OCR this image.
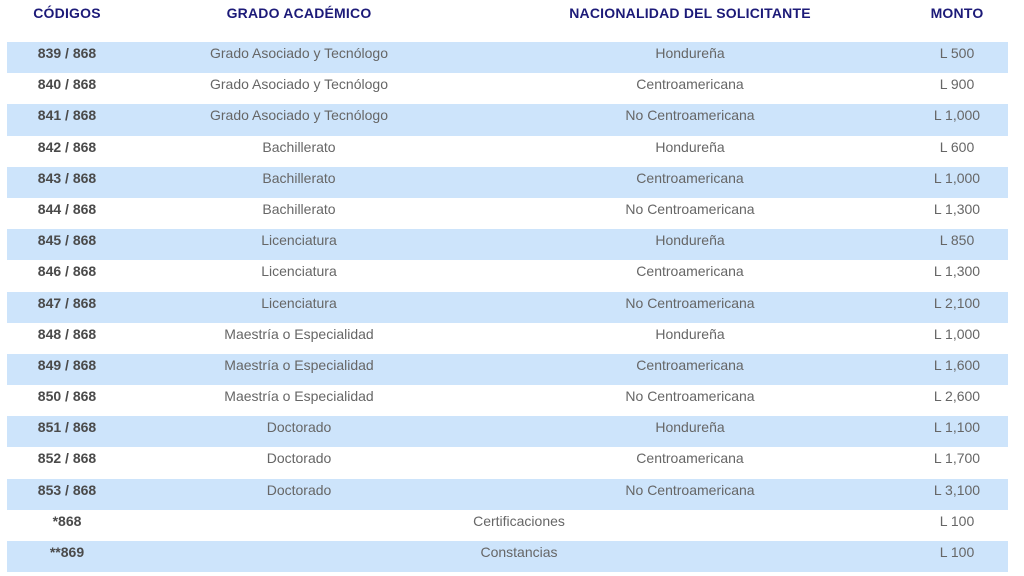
CÓDIGOS	GRADO ACADÉMICO	NACIONALIDAD DEL SOLICITANTE	MONTO
839 / 868	Grado Asociado y Tecnólogo	Hondureña	L 500
840 / 868	Grado Asociado y Tecnólogo	Centroamericana	L 900
841 / 868	Grado Asociado y Tecnólogo	No Centroamericana	L 1,000
842 / 868	Bachillerato	Hondureña	L 600
843 / 868	Bachillerato	Centroamericana	L 1,000
844 / 868	Bachillerato	No Centroamericana	L 1,300
845 / 868	Licenciatura	Hondureña	L 850
846 / 868	Licenciatura	Centroamericana	L 1,300
847 / 868	Licenciatura	No Centroamericana	L 2,100
848 / 868	Maestría o Especialidad	Hondureña	L 1,000
849 / 868	Maestría o Especialidad	Centroamericana	L 1,600
850 / 868	Maestría o Especialidad	No Centroamericana	L 2,600
851 / 868	Doctorado	Hondureña	L 1,100
852 / 868	Doctorado	Centroamericana	L 1,700
853 / 868	Doctorado	No Centroamericana	L 3,100
*868	Certificaciones	L 100
**869	Constancias	L 100
